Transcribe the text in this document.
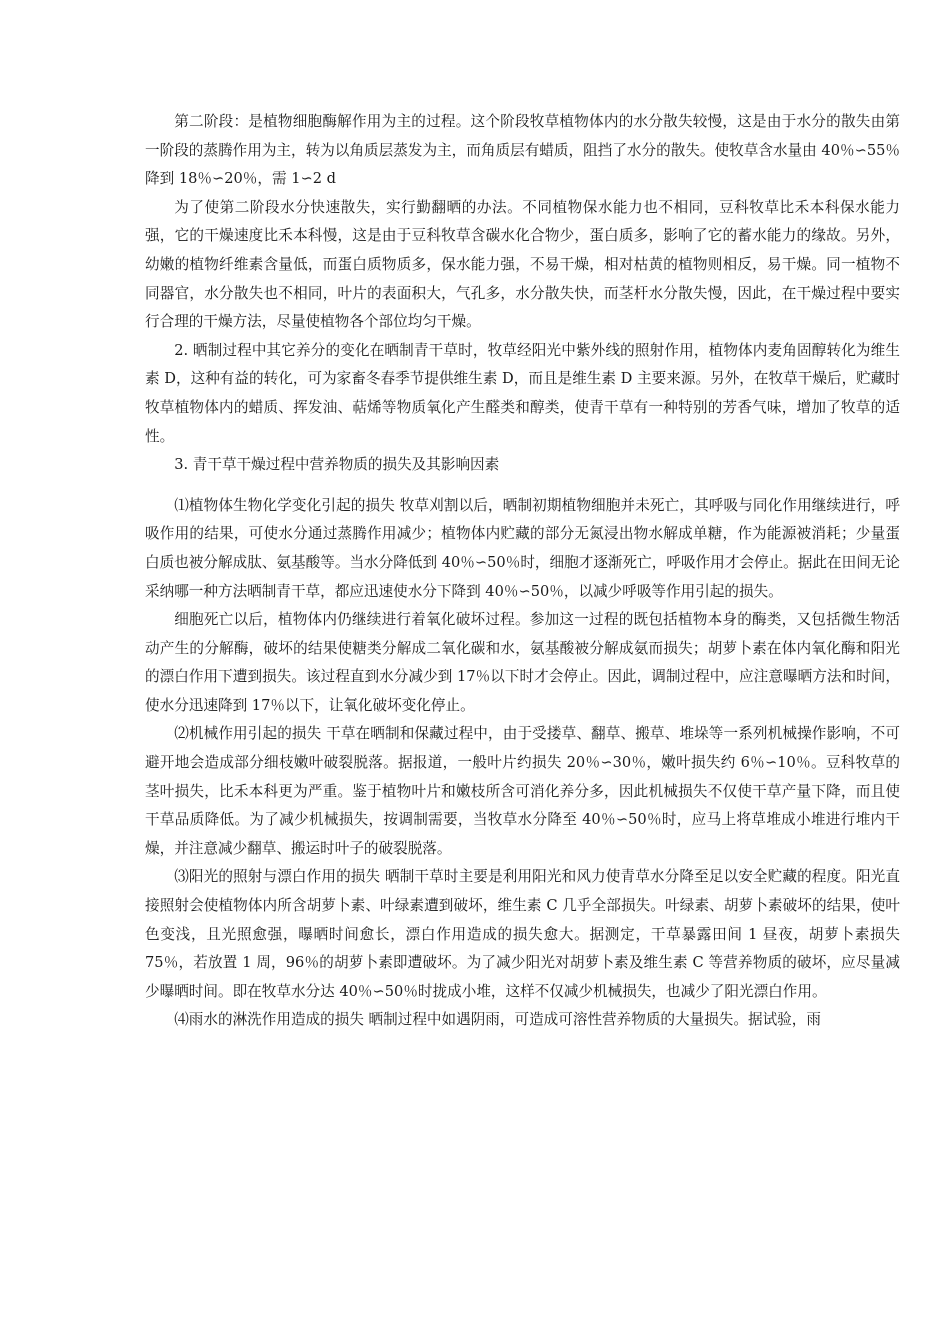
第二阶段：是植物细胞酶解作用为主的过程。这个阶段牧草植物体内的水分散失较慢，这是由于水分的散失由第一阶段的蒸腾作用为主，转为以角质层蒸发为主，而角质层有蜡质，阻挡了水分的散失。使牧草含水量由 40％∽55％降到 18％∽20％，需 1∽2 d

为了使第二阶段水分快速散失，实行勤翻晒的办法。不同植物保水能力也不相同，豆科牧草比禾本科保水能力强，它的干燥速度比禾本科慢，这是由于豆科牧草含碳水化合物少，蛋白质多，影响了它的蓄水能力的缘故。另外，幼嫩的植物纤维素含量低，而蛋白质物质多，保水能力强，不易干燥，相对枯黄的植物则相反，易干燥。同一植物不同器官，水分散失也不相同，叶片的表面积大，气孔多，水分散失快，而茎杆水分散失慢，因此，在干燥过程中要实行合理的干燥方法，尽量使植物各个部位均匀干燥。

2. 晒制过程中其它养分的变化在晒制青干草时，牧草经阳光中紫外线的照射作用，植物体内麦角固醇转化为维生素 D，这种有益的转化，可为家畜冬春季节提供维生素 D，而且是维生素 D 主要来源。另外，在牧草干燥后，贮藏时牧草植物体内的蜡质、挥发油、萜烯等物质氧化产生醛类和醇类，使青干草有一种特别的芳香气味，增加了牧草的适性。

3. 青干草干燥过程中营养物质的损失及其影响因素

⑴植物体生物化学变化引起的损失 牧草刈割以后，晒制初期植物细胞并未死亡，其呼吸与同化作用继续进行，呼吸作用的结果，可使水分通过蒸腾作用减少；植物体内贮藏的部分无氮浸出物水解成单糖，作为能源被消耗；少量蛋白质也被分解成肽、氨基酸等。当水分降低到 40％∽50％时，细胞才逐渐死亡，呼吸作用才会停止。据此在田间无论采纳哪一种方法晒制青干草，都应迅速使水分下降到 40％∽50％，以减少呼吸等作用引起的损失。

细胞死亡以后，植物体内仍继续进行着氧化破坏过程。参加这一过程的既包括植物本身的酶类，又包括微生物活动产生的分解酶，破坏的结果使糖类分解成二氧化碳和水，氨基酸被分解成氨而损失；胡萝卜素在体内氧化酶和阳光的漂白作用下遭到损失。该过程直到水分减少到 17％以下时才会停止。因此，调制过程中，应注意曝晒方法和时间，使水分迅速降到 17％以下，让氧化破坏变化停止。

⑵机械作用引起的损失 干草在晒制和保藏过程中，由于受搂草、翻草、搬草、堆垛等一系列机械操作影响，不可避开地会造成部分细枝嫩叶破裂脱落。据报道，一般叶片约损失 20％∽30％，嫩叶损失约 6％∽10％。豆科牧草的茎叶损失，比禾本科更为严重。鉴于植物叶片和嫩枝所含可消化养分多，因此机械损失不仅使干草产量下降，而且使干草品质降低。为了减少机械损失，按调制需要，当牧草水分降至 40％∽50％时，应马上将草堆成小堆进行堆内干燥，并注意减少翻草、搬运时叶子的破裂脱落。

⑶阳光的照射与漂白作用的损失 晒制干草时主要是利用阳光和风力使青草水分降至足以安全贮藏的程度。阳光直接照射会使植物体内所含胡萝卜素、叶绿素遭到破坏，维生素 C 几乎全部损失。叶绿素、胡萝卜素破坏的结果，使叶色变浅，且光照愈强，曝晒时间愈长，漂白作用造成的损失愈大。据测定，干草暴露田间 1 昼夜，胡萝卜素损失 75％，若放置 1 周，96％的胡萝卜素即遭破坏。为了减少阳光对胡萝卜素及维生素 C 等营养物质的破坏，应尽量减少曝晒时间。即在牧草水分达 40％∽50％时拢成小堆，这样不仅减少机械损失，也减少了阳光漂白作用。

⑷雨水的淋洗作用造成的损失 晒制过程中如遇阴雨，可造成可溶性营养物质的大量损失。据试验，雨
